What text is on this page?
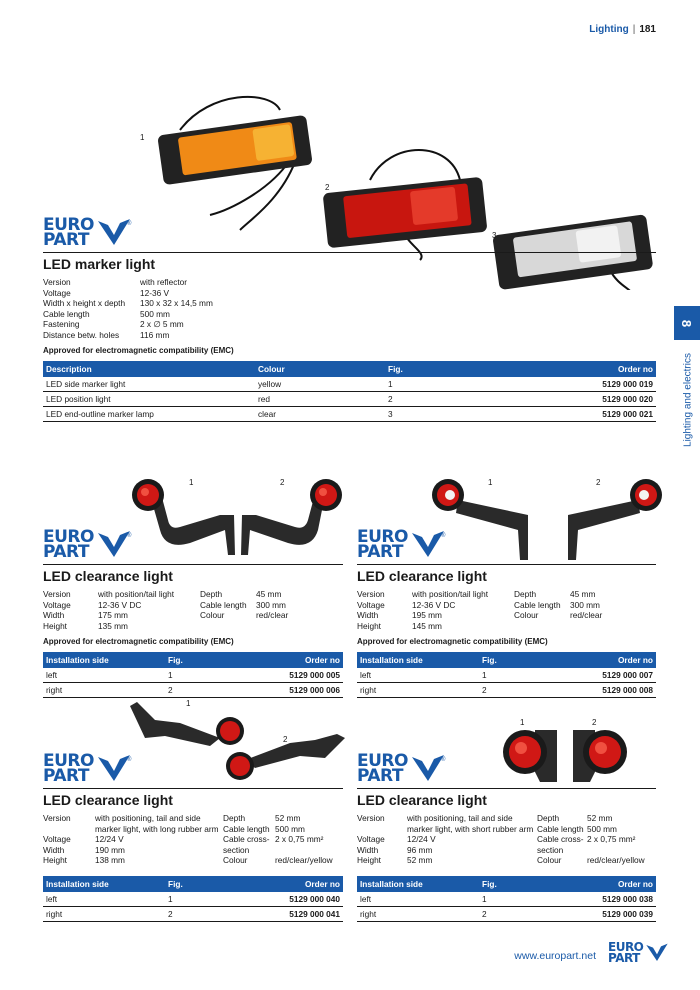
Lighting | 181
8
Lighting and electrics
1
2
3
EURO
PART
®
LED marker light
Version	with reflector
Voltage	12-36 V
Width x height x depth	130 x 32 x 14,5 mm
Cable length	500 mm
Fastening	2 x ∅ 5 mm
Distance betw. holes	116 mm
Approved for electromagnetic compatibility (EMC)
Description	Colour	Fig.	Order no
LED side marker light	yellow	1	5129 000 019
LED position light	red	2	5129 000 020
LED end-outline marker lamp	clear	3	5129 000 021
1	2
EURO
PART
®
LED clearance light
Version	with position/tail light
Voltage	12-36 V DC
Width	175 mm
Height	135 mm
Depth	45 mm
Cable length	300 mm
Colour	red/clear
Approved for electromagnetic compatibility (EMC)
Installation side	Fig.	Order no
left	1	5129 000 005
right	2	5129 000 006
1	2
EURO
PART
®
LED clearance light
Version	with position/tail light
Voltage	12-36 V DC
Width	195 mm
Height	145 mm
Depth	45 mm
Cable length	300 mm
Colour	red/clear
Approved for electromagnetic compatibility (EMC)
Installation side	Fig.	Order no
left	1	5129 000 007
right	2	5129 000 008
1
2
EURO
PART
®
LED clearance light
Version	with positioning, tail and side marker light, with long rubber arm
Voltage	12/24 V
Width	190 mm
Height	138 mm
Depth	52 mm
Cable length 500 mm
Cable cross-section
2 x 0,75 mm²
Colour	red/clear/yellow
Installation side	Fig.	Order no
left	1	5129 000 040
right	2	5129 000 041
1	2
EURO
PART
®
LED clearance light
Version	with positioning, tail and side marker light, with short rubber arm
Voltage	12/24 V
Width	96 mm
Height	52 mm
Depth	52 mm
Cable length 500 mm
Cable cross-section
2 x 0,75 mm²
Colour	red/clear/yellow
Installation side	Fig.	Order no
left	1	5129 000 038
right	2	5129 000 039
www.europart.net
EURO
PART
